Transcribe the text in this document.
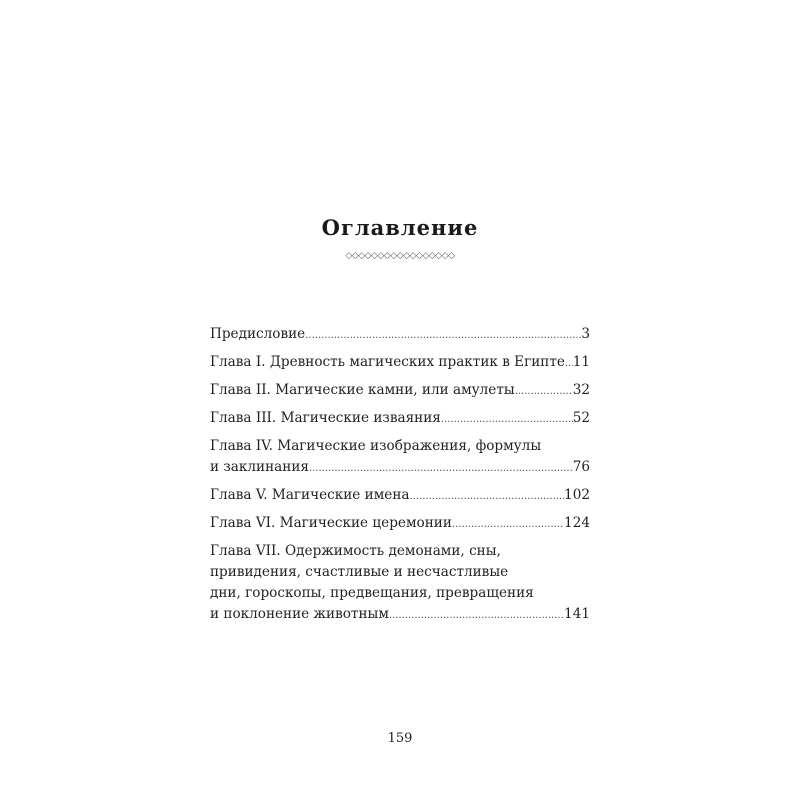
Оглавление
◇◇◇◇◇◇◇◇◇◇◇◇◇◇◇◇◇
Предисловие .....	3
Глава I. Древность магических практик в Египте ..... 11
Глава II. Магические камни, или амулеты .....	32
Глава III. Магические изваяния .....	52
Глава IV. Магические изображения, формулы
и заклинания .....	76
Глава V. Магические имена .....	102
Глава VI. Магические церемонии .....	124
Глава VII. Одержимость демонами, сны,
привидения, счастливые и несчастливые
дни, гороскопы, предвещания, превращения
и поклонение животным .....	141
159
